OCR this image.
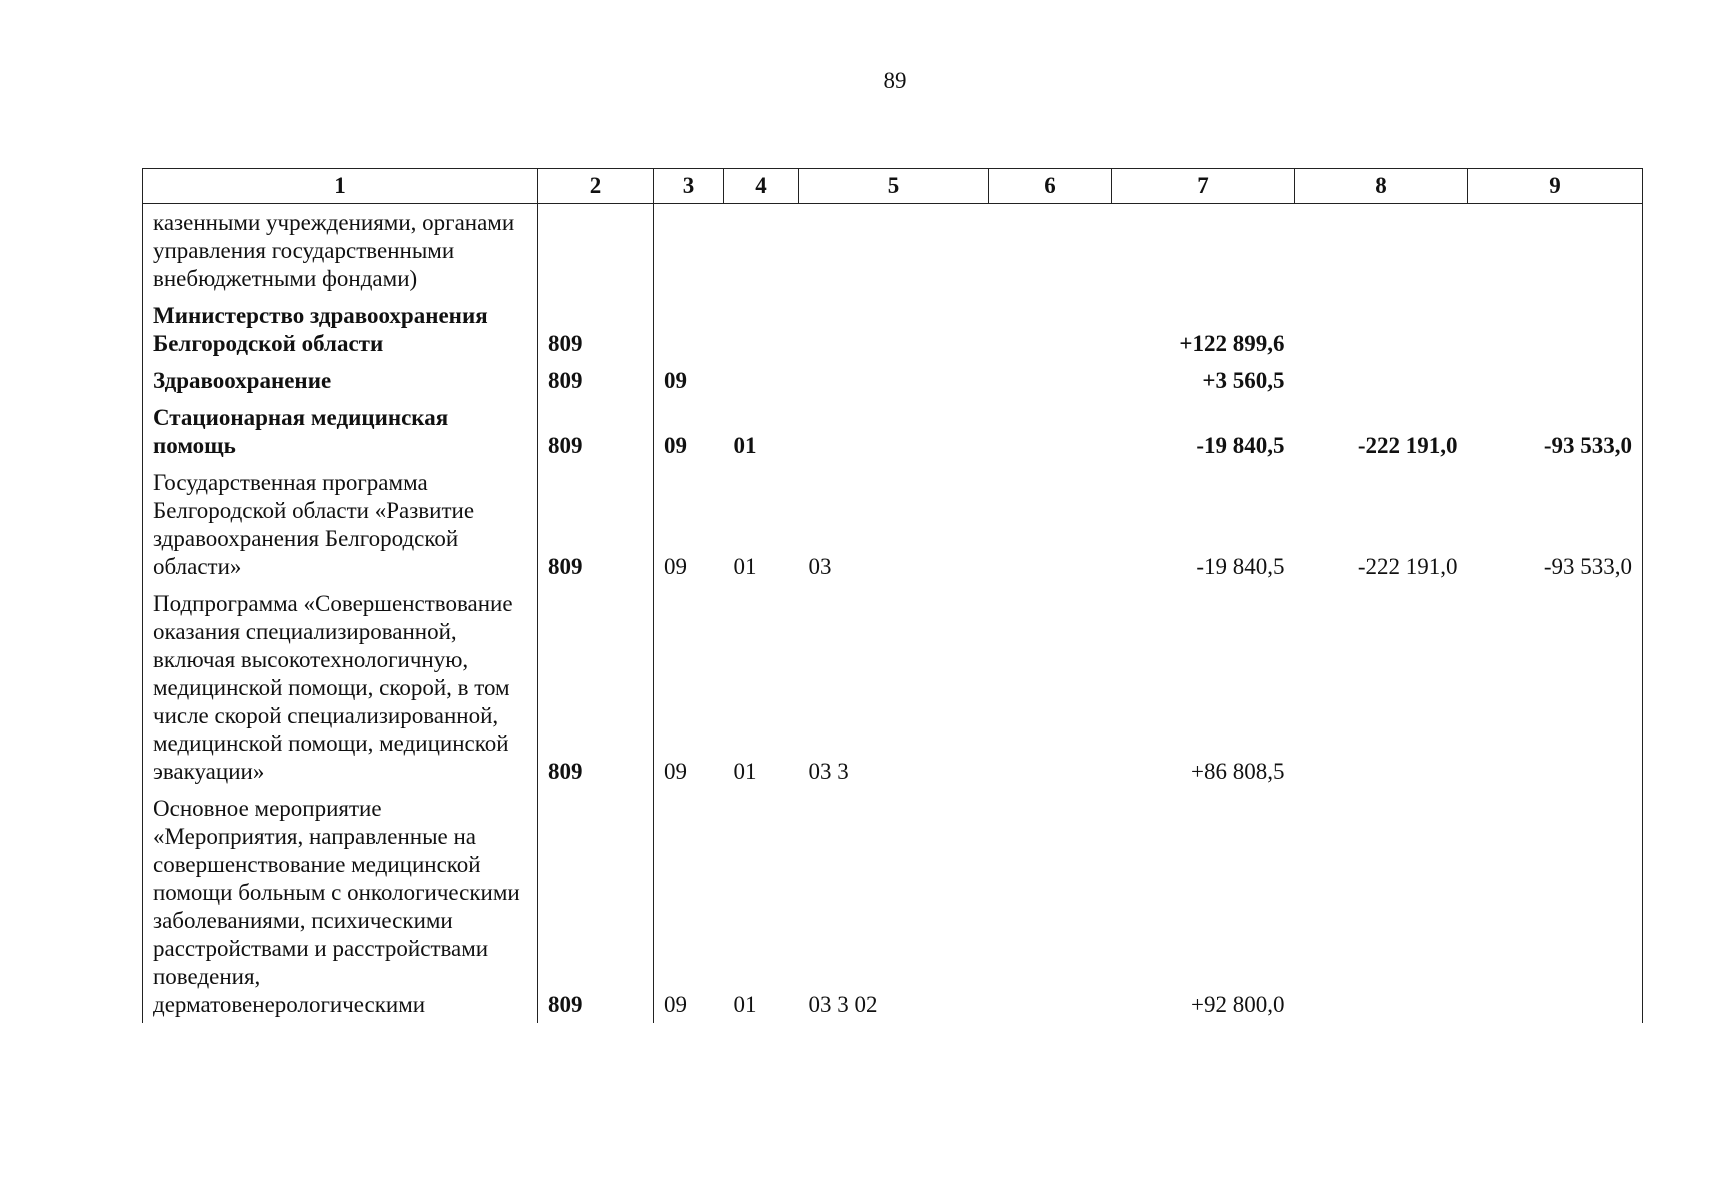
89
1	2	3	4	5	6	7	8	9
казенными учреждениями, органами управления государственными внебюджетными фондами)								
Министерство здравоохранения Белгородской области	809					+122 899,6		
Здравоохранение	809	09				+3 560,5		
Стационарная медицинская помощь	809	09	01			-19 840,5	-222 191,0	-93 533,0
Государственная программа Белгородской области «Развитие здравоохранения Белгородской области»	809	09	01	03		-19 840,5	-222 191,0	-93 533,0
Подпрограмма «Совершенствование оказания специализированной, включая высокотехнологичную, медицинской помощи, скорой, в том числе скорой специализированной, медицинской помощи, медицинской эвакуации»	809	09	01	03 3		+86 808,5		
Основное мероприятие «Мероприятия, направленные на совершенствование медицинской помощи больным с онкологическими заболеваниями, психическими расстройствами и расстройствами поведения, дерматовенерологическими	809	09	01	03 3 02		+92 800,0		
